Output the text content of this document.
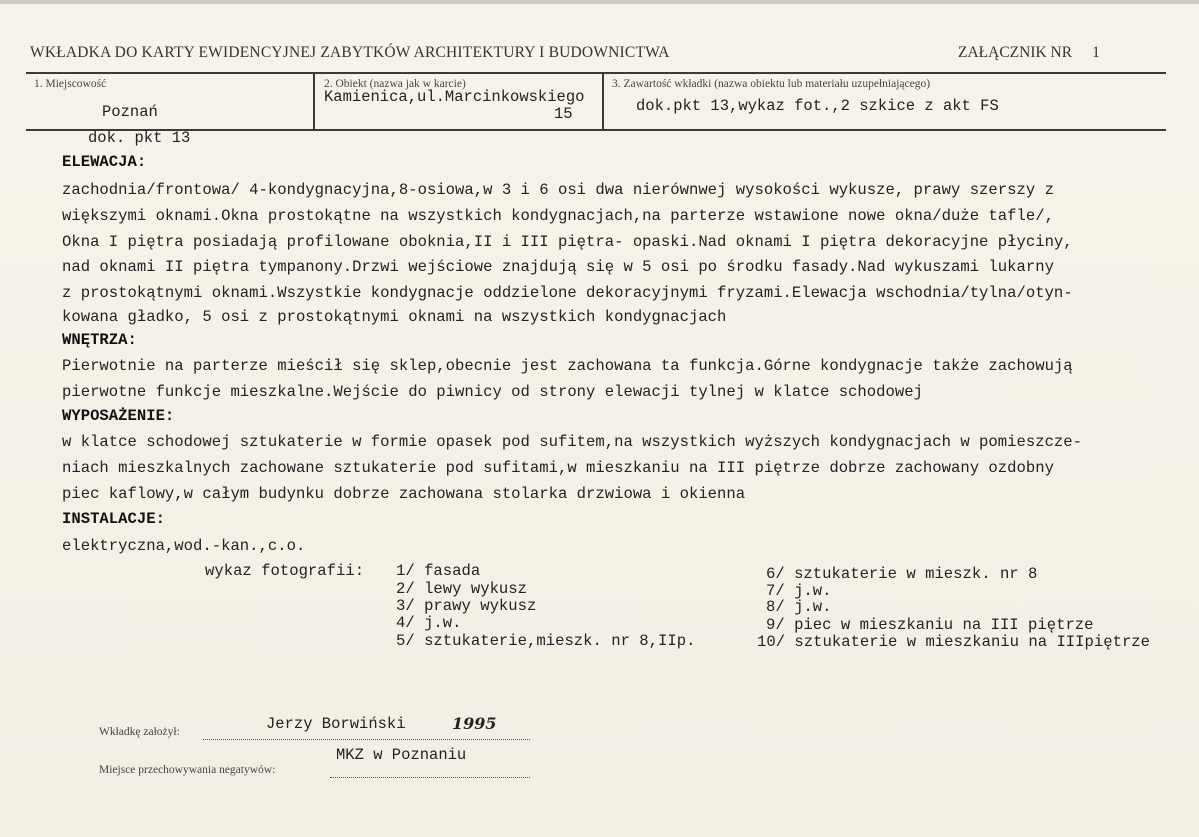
WKŁADKA DO KARTY EWIDENCYJNEJ ZABYTKÓW ARCHITEKTURY I BUDOWNICTWA	ZAŁĄCZNIK NR 1
1. Miejscowość
Poznań
2. Obiekt (nazwa jak w karcie)
Kamienica,ul.Marcinkowskiego
15
3. Zawartość wkładki (nazwa obiektu lub materiału uzupełniającego)
dok.pkt 13,wykaz fot.,2 szkice z akt FS
dok. pkt 13
ELEWACJA:
zachodnia/frontowa/ 4-kondygnacyjna,8-osiowa,w 3 i 6 osi dwa nierównwej wysokości wykusze, prawy szerszy z
większymi oknami.Okna prostokątne na wszystkich kondygnacjach,na parterze wstawione nowe okna/duże tafle/,
Okna I piętra posiadają profilowane obokniа,II i III piętra- opaski.Nad oknami I piętra dekoracyjne płyciny,
nad oknami II piętra tympanony.Drzwi wejściowe znajdują się w 5 osi po środku fasady.Nad wykuszami lukarny
z prostokątnymi oknami.Wszystkie kondygnacje oddzielone dekoracyjnymi fryzami.Elewacja wschodnia/tylna/otyn-
kowana gładko, 5 osi z prostokątnymi oknami na wszystkich kondygnacjach
WNĘTRZA:
Pierwotnie na parterze mieścił się sklep,obecnie jest zachowana ta funkcja.Górne kondygnacje także zachowują
pierwotne funkcje mieszkalne.Wejście do piwnicy od strony elewacji tylnej w klatce schodowej
WYPOSAŻENIE:
w klatce schodowej sztukaterie w formie opasek pod sufitem,na wszystkich wyższych kondygnacjach w pomieszcze-
niach mieszkalnych zachowane sztukaterie pod sufitami,w mieszkaniu na III piętrze dobrze zachowany ozdobny
piec kaflowy,w całym budynku dobrze zachowana stolarka drzwiowa i okienna
INSTALACJE:
elektryczna,wod.-kan.,c.o.
wykaz fotografii: 1/ fasada
2/ lewy wykusz
3/ prawy wykusz
4/ j.w.
5/ sztukaterie,mieszk. nr 8,IIp.
6/ sztukaterie w mieszk. nr 8
7/ j.w.
8/ j.w.
9/ piec w mieszkaniu na III piętrze
10/ sztukaterie w mieszkaniu na IIIpiętrze
Wkładkę założył:	Jerzy Borwiński	1995
Miejsce przechowywania negatywów:
MKZ w Poznaniu
